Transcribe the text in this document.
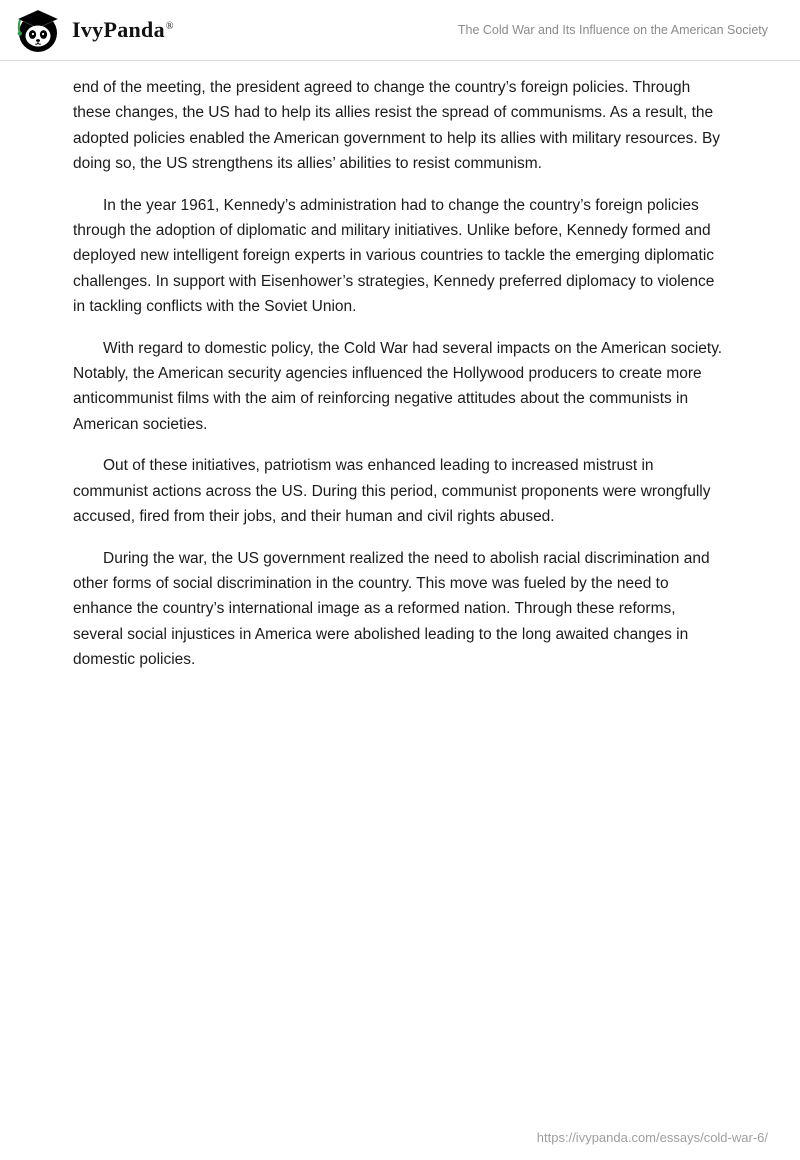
IvyPanda®	The Cold War and Its Influence on the American Society

end of the meeting, the president agreed to change the country’s foreign policies. Through these changes, the US had to help its allies resist the spread of communisms. As a result, the adopted policies enabled the American government to help its allies with military resources. By doing so, the US strengthens its allies’ abilities to resist communism.

In the year 1961, Kennedy’s administration had to change the country’s foreign policies through the adoption of diplomatic and military initiatives. Unlike before, Kennedy formed and deployed new intelligent foreign experts in various countries to tackle the emerging diplomatic challenges. In support with Eisenhower’s strategies, Kennedy preferred diplomacy to violence in tackling conflicts with the Soviet Union.

With regard to domestic policy, the Cold War had several impacts on the American society. Notably, the American security agencies influenced the Hollywood producers to create more anticommunist films with the aim of reinforcing negative attitudes about the communists in American societies.

Out of these initiatives, patriotism was enhanced leading to increased mistrust in communist actions across the US. During this period, communist proponents were wrongfully accused, fired from their jobs, and their human and civil rights abused.

During the war, the US government realized the need to abolish racial discrimination and other forms of social discrimination in the country. This move was fueled by the need to enhance the country’s international image as a reformed nation. Through these reforms, several social injustices in America were abolished leading to the long awaited changes in domestic policies.

https://ivypanda.com/essays/cold-war-6/
